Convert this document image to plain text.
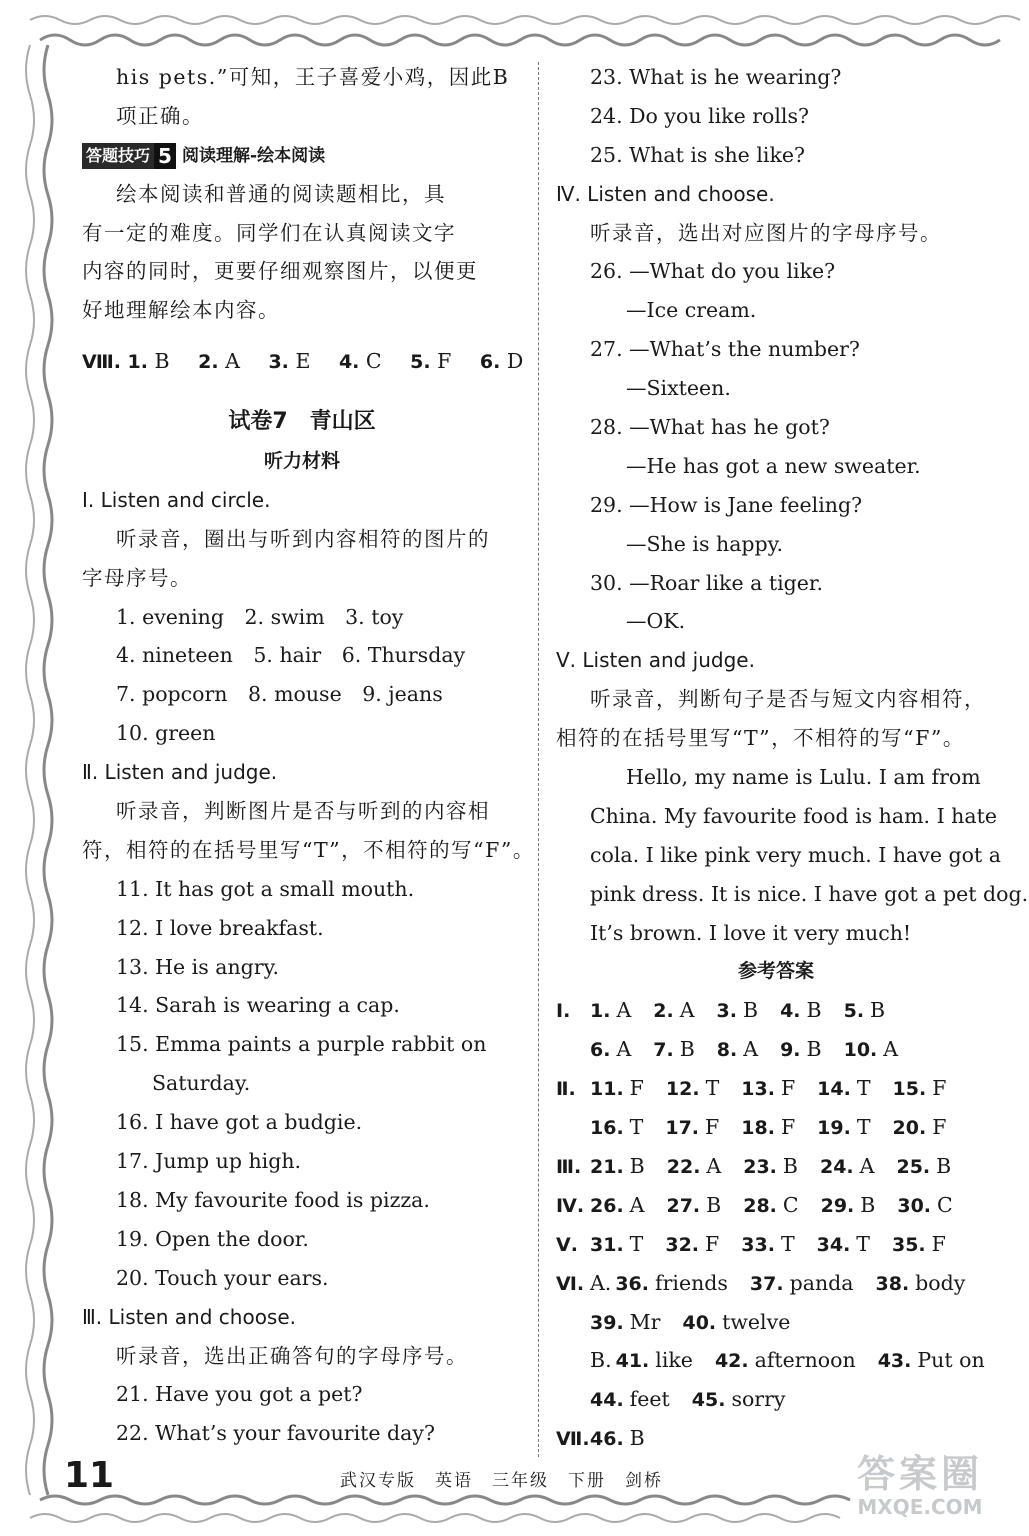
his pets.”可知，王子喜爱小鸡，因此B
项正确。
答题技巧 5 阅读理解-绘本阅读
绘本阅读和普通的阅读题相比，具
有一定的难度。同学们在认真阅读文字
内容的同时，更要仔细观察图片，以便更
好地理解绘本内容。
Ⅷ. 1. B 2. A 3. E 4. C 5. F 6. D
试卷7　青山区
听力材料
Ⅰ. Listen and circle.
听录音，圈出与听到内容相符的图片的
字母序号。
1. evening　2. swim　3. toy
4. nineteen　5. hair　6. Thursday
7. popcorn　8. mouse　9. jeans
10. green
Ⅱ. Listen and judge.
听录音，判断图片是否与听到的内容相
符，相符的在括号里写“T”，不相符的写“F”。
11. It has got a small mouth.
12. I love breakfast.
13. He is angry.
14. Sarah is wearing a cap.
15. Emma paints a purple rabbit on
Saturday.
16. I have got a budgie.
17. Jump up high.
18. My favourite food is pizza.
19. Open the door.
20. Touch your ears.
Ⅲ. Listen and choose.
听录音，选出正确答句的字母序号。
21. Have you got a pet?
22. What’s your favourite day?
23. What is he wearing?
24. Do you like rolls?
25. What is she like?
Ⅳ. Listen and choose.
听录音，选出对应图片的字母序号。
26. —What do you like?
—Ice cream.
27. —What’s the number?
—Sixteen.
28. —What has he got?
—He has got a new sweater.
29. —How is Jane feeling?
—She is happy.
30. —Roar like a tiger.
—OK.
Ⅴ. Listen and judge.
听录音，判断句子是否与短文内容相符，
相符的在括号里写“T”，不相符的写“F”。
Hello, my name is Lulu. I am from
China. My favourite food is ham. I hate
cola. I like pink very much. I have got a
pink dress. It is nice. I have got a pet dog.
It’s brown. I love it very much!
参考答案
Ⅰ. 1. A 2. A 3. B 4. B 5. B
6. A 7. B 8. A 9. B 10. A
Ⅱ. 11. F 12. T 13. F 14. T 15. F
16. T 17. F 18. F 19. T 20. F
Ⅲ. 21. B 22. A 23. B 24. A 25. B
Ⅳ. 26. A 27. B 28. C 29. B 30. C
Ⅴ. 31. T 32. F 33. T 34. T 35. F
Ⅵ. A. 36. friends 37. panda 38. body
39. Mr 40. twelve
B. 41. like 42. afternoon 43. Put on
44. feet 45. sorry
Ⅶ.46. B
11	武汉专版　英语　三年级　下册　剑桥	答案圈
MXQE.COM
